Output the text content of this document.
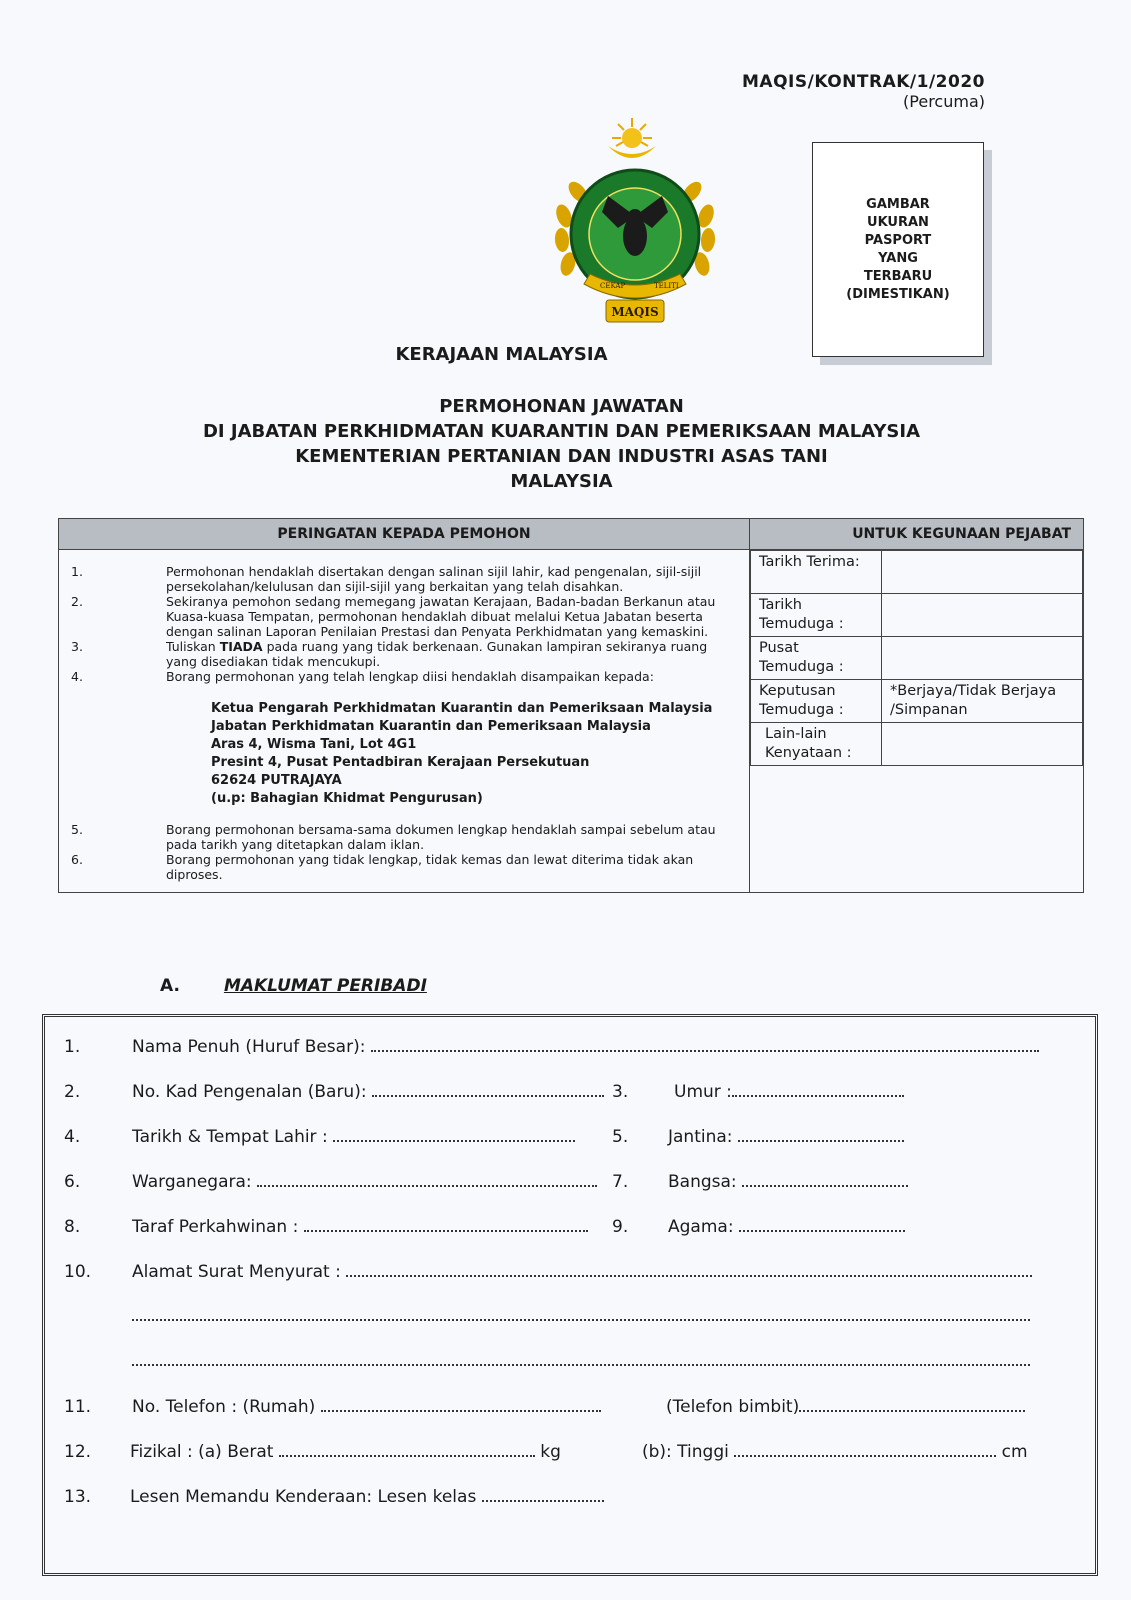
MAQIS/KONTRAK/1/2020
(Percuma)
MAQIS
CEKAP	TELITI
GAMBAR
UKURAN
PASPORT
YANG
TERBARU
(DIMESTIKAN)
KERAJAAN MALAYSIA
PERMOHONAN JAWATAN
DI JABATAN PERKHIDMATAN KUARANTIN DAN PEMERIKSAAN MALAYSIA
KEMENTERIAN PERTANIAN DAN INDUSTRI ASAS TANI
MALAYSIA
PERINGATAN KEPADA PEMOHON	UNTUK KEGUNAAN PEJABAT

1.	Permohonan hendaklah disertakan dengan salinan sijil lahir, kad pengenalan, sijil-sijil persekolahan/kelulusan dan sijil-sijil yang berkaitan yang telah disahkan.
2.	Sekiranya pemohon sedang memegang jawatan Kerajaan, Badan-badan Berkanun atau Kuasa-kuasa Tempatan, permohonan hendaklah dibuat melalui Ketua Jabatan beserta dengan salinan Laporan Penilaian Prestasi dan Penyata Perkhidmatan yang kemaskini.
3.	Tuliskan TIADA pada ruang yang tidak berkenaan. Gunakan lampiran sekiranya ruang yang disediakan tidak mencukupi.
4.	Borang permohonan yang telah lengkap diisi hendaklah disampaikan kepada:
Ketua Pengarah Perkhidmatan Kuarantin dan Pemeriksaan Malaysia
Jabatan Perkhidmatan Kuarantin dan Pemeriksaan Malaysia
Aras 4, Wisma Tani, Lot 4G1
Presint 4, Pusat Pentadbiran Kerajaan Persekutuan
62624 PUTRAJAYA
(u.p: Bahagian Khidmat Pengurusan)
5.	Borang permohonan bersama-sama dokumen lengkap hendaklah sampai sebelum atau pada tarikh yang ditetapkan dalam iklan.
6.	Borang permohonan yang tidak lengkap, tidak kemas dan lewat diterima tidak akan diproses.

Tarikh Terima:	
Tarikh Temuduga :	
Pusat Temuduga :	
Keputusan Temuduga :	*Berjaya/Tidak Berjaya /Simpanan
Lain-lain Kenyataan :	
A.	MAKLUMAT PERIBADI
1.	Nama Penuh (Huruf Besar):
2.	No. Kad Pengenalan (Baru):	3.	Umur :
4.	Tarikh & Tempat Lahir :	5. Jantina:
6.	Warganegara:	7. Bangsa:
8.	Taraf Perkahwinan :	9. Agama:
10. Alamat Surat Menyurat :
11. No. Telefon : (Rumah)	(Telefon bimbit)
12. Fizikal : (a) Berat	kg	(b): Tinggi	cm
13. Lesen Memandu Kenderaan: Lesen kelas
